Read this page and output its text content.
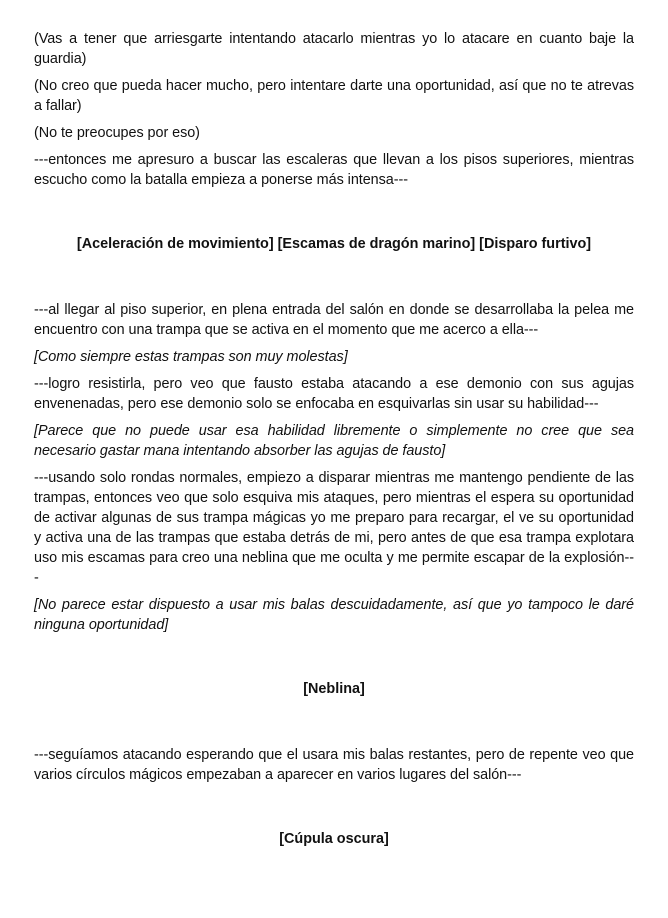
(Vas a tener que arriesgarte intentando atacarlo mientras yo lo atacare en cuanto baje la guardia)

(No creo que pueda hacer mucho, pero intentare darte una oportunidad, así que no te atrevas a fallar)

(No te preocupes por eso)

---entonces me apresuro a buscar las escaleras que llevan a los pisos superiores, mientras escucho como la batalla empieza a ponerse más intensa---

[Aceleración de movimiento] [Escamas de dragón marino] [Disparo furtivo]

---al llegar al piso superior, en plena entrada del salón en donde se desarrollaba la pelea me encuentro con una trampa que se activa en el momento que me acerco a ella---

[Como siempre estas trampas son muy molestas]

---logro resistirla, pero veo que fausto estaba atacando a ese demonio con sus agujas envenenadas, pero ese demonio solo se enfocaba en esquivarlas sin usar su habilidad---

[Parece que no puede usar esa habilidad libremente o simplemente no cree que sea necesario gastar mana intentando absorber las agujas de fausto]

---usando solo rondas normales, empiezo a disparar mientras me mantengo pendiente de las trampas, entonces veo que solo esquiva mis ataques, pero mientras el espera su oportunidad de activar algunas de sus trampa mágicas yo me preparo para recargar, el ve su oportunidad y activa una de las trampas que estaba detrás de mi, pero antes de que esa trampa explotara uso mis escamas para creo una neblina que me oculta y me permite escapar de la explosión---

[No parece estar dispuesto a usar mis balas descuidadamente, así que yo tampoco le daré ninguna oportunidad]

[Neblina]

---seguíamos atacando esperando que el usara mis balas restantes, pero de repente veo que varios círculos mágicos empezaban a aparecer en varios lugares del salón---

[Cúpula oscura]
